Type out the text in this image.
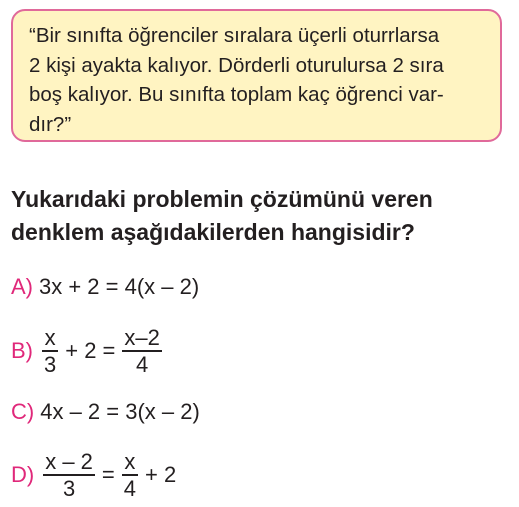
“Bir sınıfta öğrenciler sıralara üçerli oturrlarsa
2 kişi ayakta kalıyor. Dörderli oturulursa 2 sıra
boş kalıyor. Bu sınıfta toplam kaç öğrenci var-
dır?”
Yukarıdaki problemin çözümünü veren
denklem aşağıdakilerden hangisidir?
A) 3x + 2 = 4(x – 2)
$B) \frac{x}{3} + 2 = \frac{x-2}{4}$
C) 4x – 2 = 3(x – 2)
$D) \frac{x - 2}{3} = \frac{x}{4} + 2$
